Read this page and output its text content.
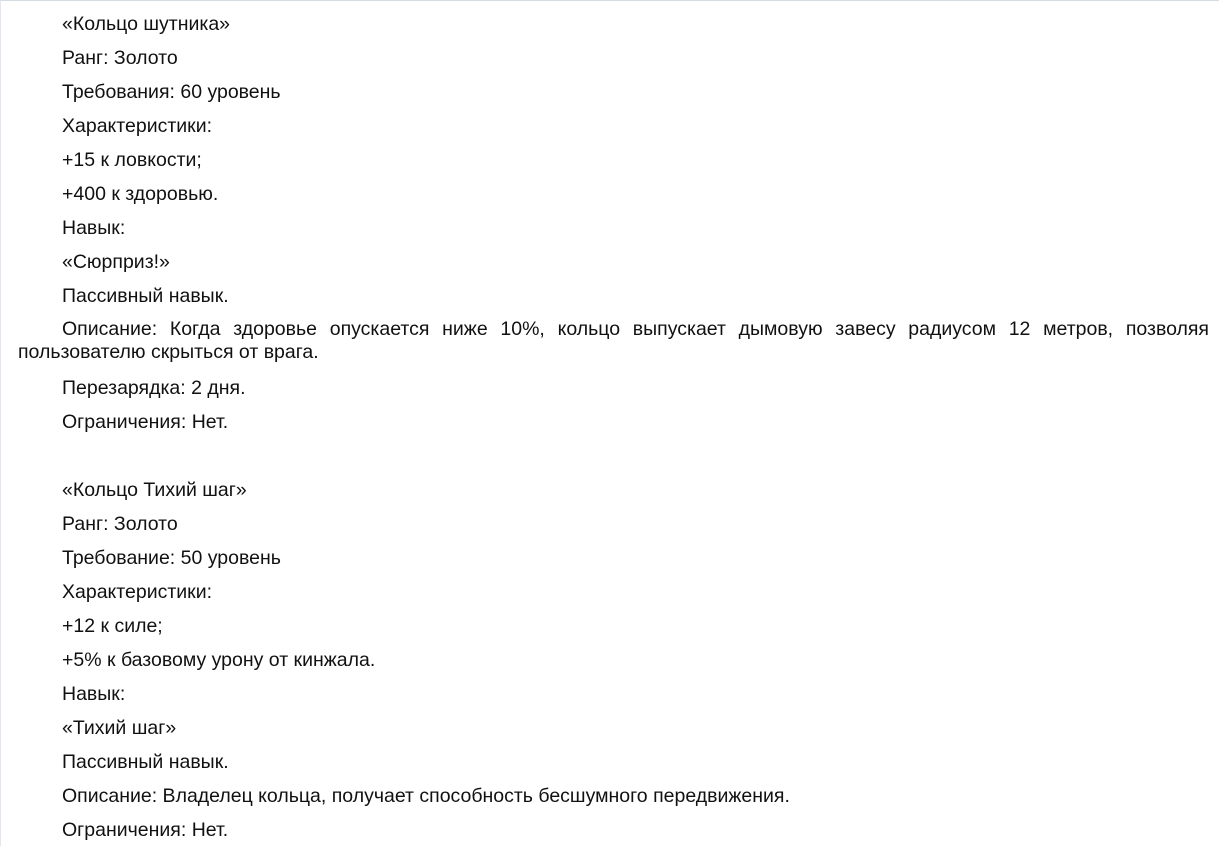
«Кольцо шутника»

Ранг: Золото

Требования: 60 уровень

Характеристики:

+15 к ловкости;

+400 к здоровью.

Навык:

«Сюрприз!»

Пассивный навык.

Описание: Когда здоровье опускается ниже 10%, кольцо выпускает дымовую завесу радиусом 12 метров, позволяя пользователю скрыться от врага.

Перезарядка: 2 дня.

Ограничения: Нет.

«Кольцо Тихий шаг»

Ранг: Золото

Требование: 50 уровень

Характеристики:

+12 к силе;

+5% к базовому урону от кинжала.

Навык:

«Тихий шаг»

Пассивный навык.

Описание: Владелец кольца, получает способность бесшумного передвижения.

Ограничения: Нет.
